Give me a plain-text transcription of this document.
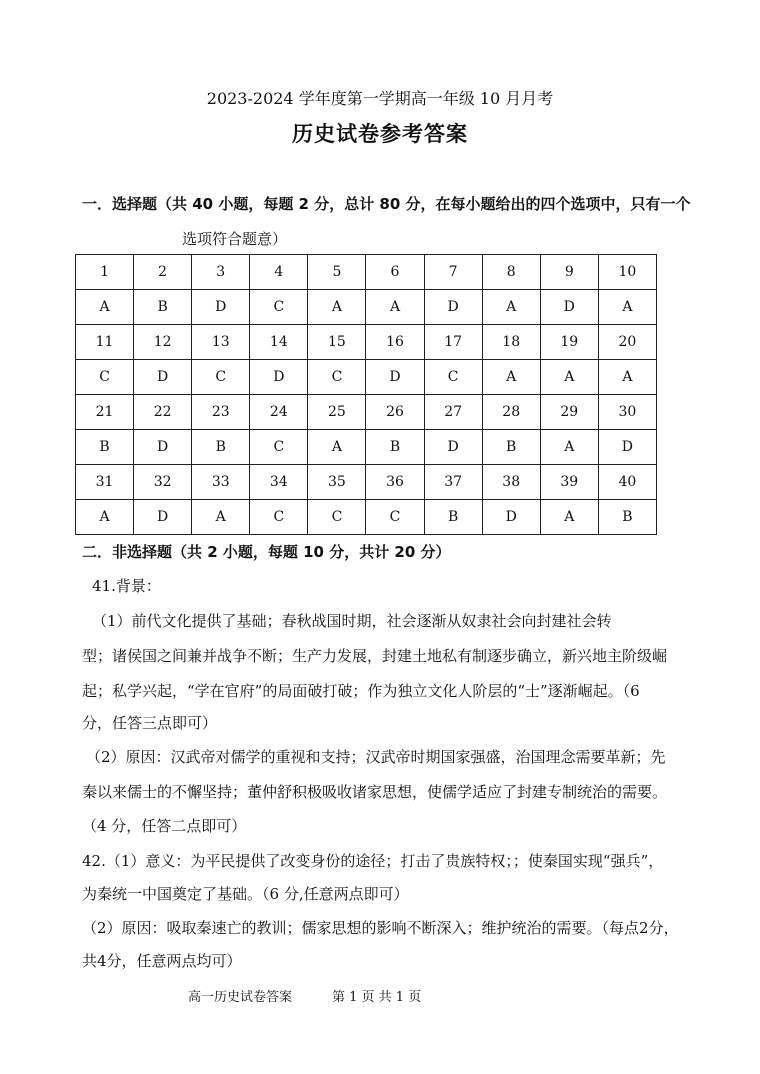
2023-2024 学年度第一学期高一年级 10 月月考
历史试卷参考答案
一．选择题（共 40 小题，每题 2 分，总计 80 分，在每小题给出的四个选项中，只有一个
选项符合题意）
1	2	3	4	5	6	7	8	9	10
A	B	D	C	A	A	D	A	D	A
11	12	13	14	15	16	17	18	19	20
C	D	C	D	C	D	C	A	A	A
21	22	23	24	25	26	27	28	29	30
B	D	B	C	A	B	D	B	A	D
31	32	33	34	35	36	37	38	39	40
A	D	A	C	C	C	B	D	A	B
二．非选择题（共 2 小题，每题 10 分，共计 20 分）
41.背景：
（1）前代文化提供了基础；春秋战国时期，社会逐渐从奴隶社会向封建社会转
型；诸侯国之间兼并战争不断；生产力发展，封建土地私有制逐步确立，新兴地主阶级崛
起；私学兴起，“学在官府”的局面破打破；作为独立文化人阶层的“士”逐渐崛起。（6
分，任答三点即可）
（2）原因：汉武帝对儒学的重视和支持；汉武帝时期国家强盛，治国理念需要革新；先
秦以来儒士的不懈坚持；董仲舒积极吸收诸家思想，使儒学适应了封建专制统治的需要。
（4 分，任答二点即可）
42.（1）意义：为平民提供了改变身份的途径；打击了贵族特权；；使秦国实现“强兵”，
为秦统一中国奠定了基础。（6 分,任意两点即可）
（2）原因：吸取秦速亡的教训；儒家思想的影响不断深入；维护统治的需要。（每点2分，
共4分，任意两点均可）
高一历史试卷答案	第 1 页 共 1 页
